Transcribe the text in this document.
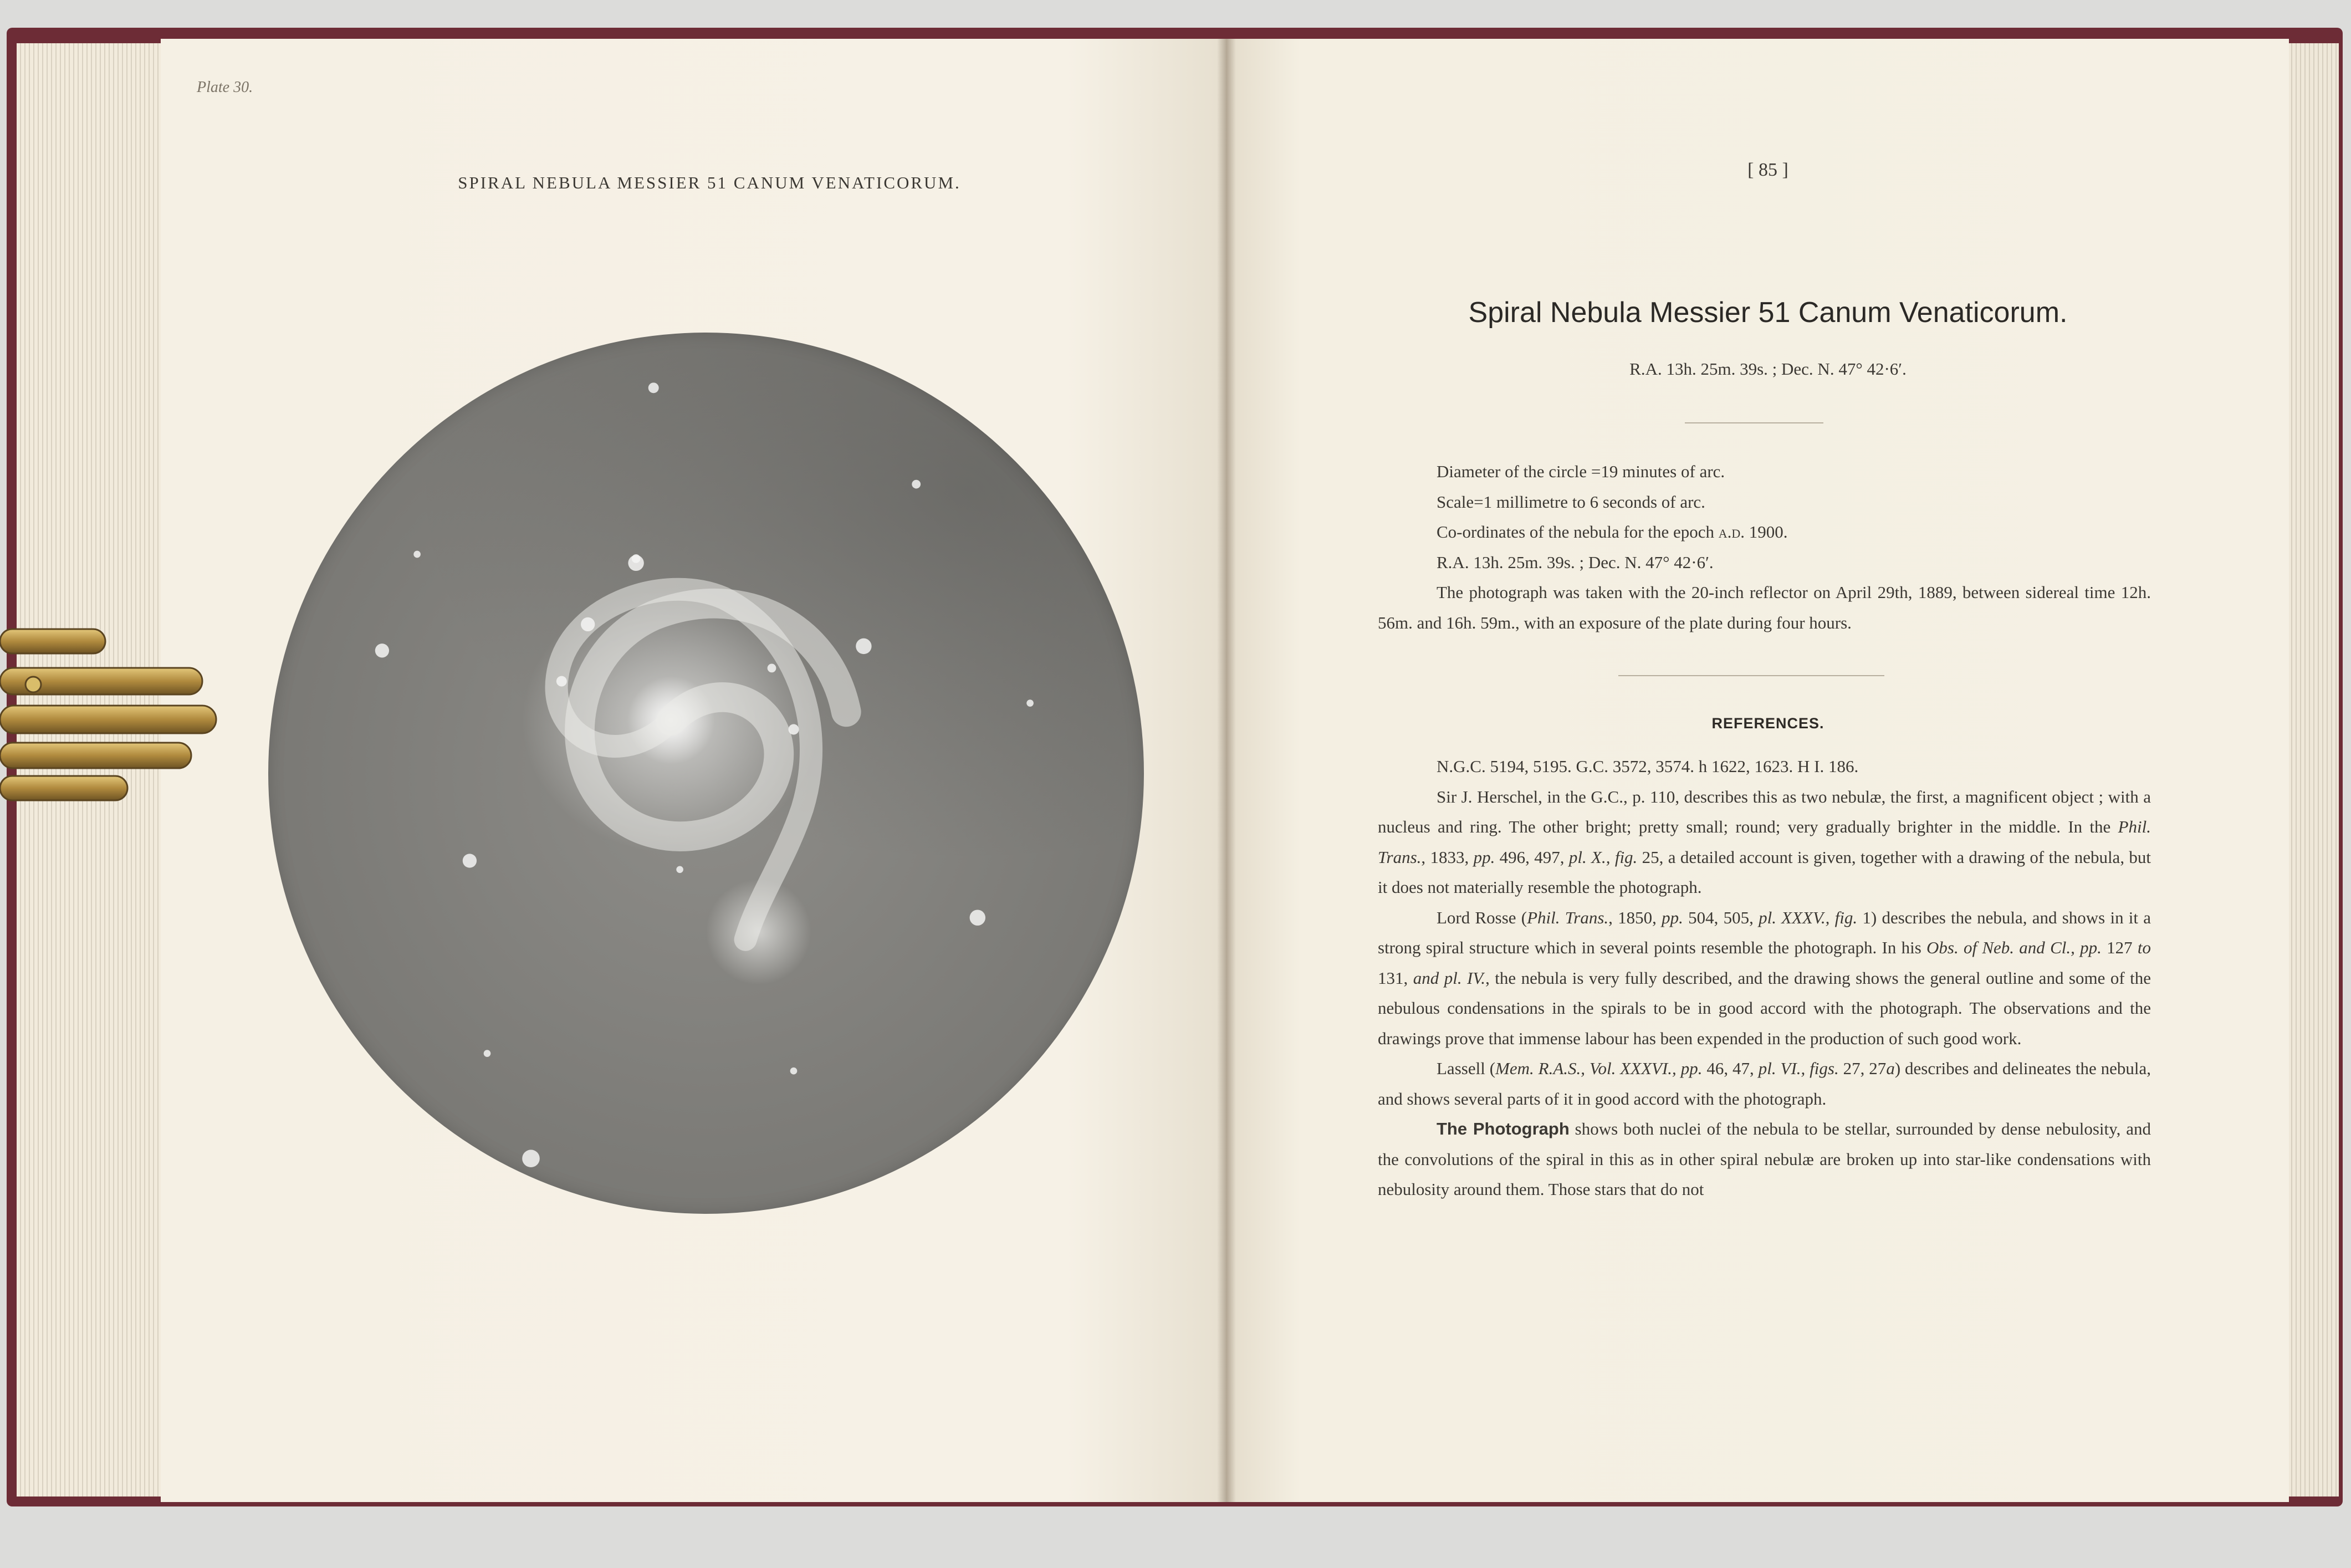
Plate 30.
SPIRAL NEBULA MESSIER 51 CANUM VENATICORUM.
[ 85 ]
Spiral Nebula Messier 51 Canum Venaticorum.
R.A. 13h. 25m. 39s. ; Dec. N. 47° 42·6′.

Diameter of the circle =19 minutes of arc.

Scale=1 millimetre to 6 seconds of arc.

Co-ordinates of the nebula for the epoch a.d. 1900.

R.A. 13h. 25m. 39s. ; Dec. N. 47° 42·6′.

The photograph was taken with the 20-inch reflector on April 29th, 1889, between sidereal time 12h. 56m. and 16h. 59m., with an exposure of the plate during four hours.

REFERENCES.

N.G.C. 5194, 5195. G.C. 3572, 3574. h 1622, 1623. H I. 186.

Sir J. Herschel, in the G.C., p. 110, describes this as two nebulæ, the first, a magnificent object ; with a nucleus and ring. The other bright; pretty small; round; very gradually brighter in the middle. In the Phil. Trans., 1833, pp. 496, 497, pl. X., fig. 25, a detailed account is given, together with a drawing of the nebula, but it does not materially resemble the photograph.

Lord Rosse (Phil. Trans., 1850, pp. 504, 505, pl. XXXV., fig. 1) describes the nebula, and shows in it a strong spiral structure which in several points resemble the photograph. In his Obs. of Neb. and Cl., pp. 127 to 131, and pl. IV., the nebula is very fully described, and the drawing shows the general outline and some of the nebulous condensations in the spirals to be in good accord with the photograph. The observations and the drawings prove that immense labour has been expended in the production of such good work.

Lassell (Mem. R.A.S., Vol. XXXVI., pp. 46, 47, pl. VI., figs. 27, 27a) describes and delineates the nebula, and shows several parts of it in good accord with the photograph.

The Photograph shows both nuclei of the nebula to be stellar, surrounded by dense nebulosity, and the convolutions of the spiral in this as in other spiral nebulæ are broken up into star-like condensations with nebulosity around them. Those stars that do not
